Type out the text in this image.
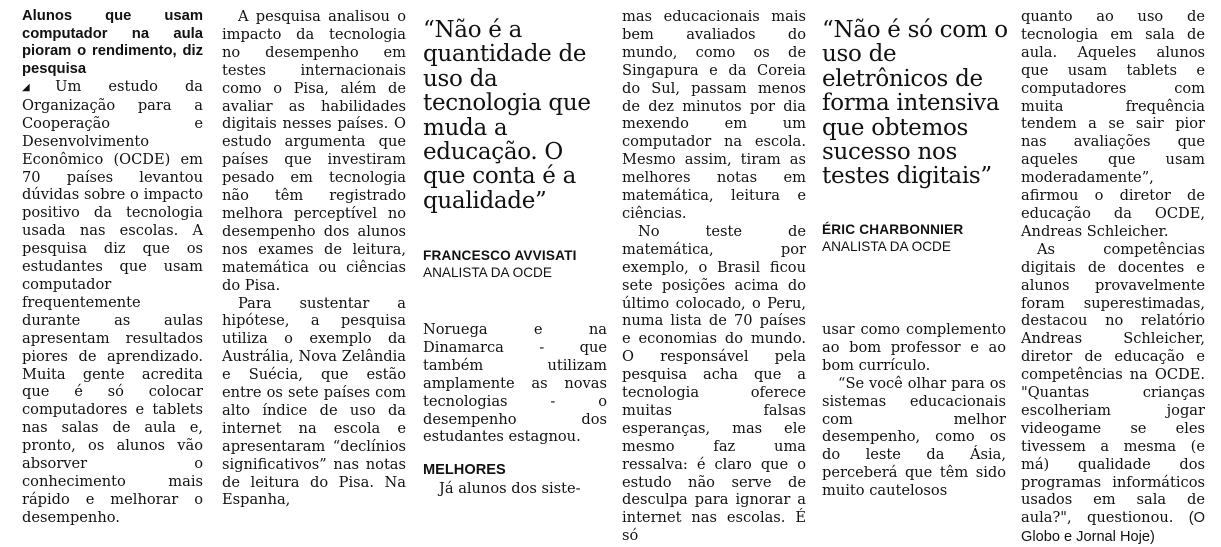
Alunos que usam computador na aula pioram o rendimento, diz pesquisa

◢ Um estudo da Organização para a Cooperação e Desenvolvimento Econômico (OCDE) em 70 países levantou dúvidas sobre o impacto positivo da tecnologia usada nas escolas. A pesquisa diz que os estudantes que usam computador frequentemente durante as aulas apresentam resultados piores de aprendizado. Muita gente acredita que é só colocar computadores e tablets nas salas de aula e, pronto, os alunos vão absorver o conhecimento mais rápido e melhorar o desempenho.

A pesquisa analisou o impacto da tecnologia no desempenho em testes internacionais como o Pisa, além de avaliar as habilidades digitais nesses países. O estudo argumenta que países que investiram pesado em tecnologia não têm registrado melhora perceptível no desempenho dos alunos nos exames de leitura, matemática ou ciências do Pisa.

Para sustentar a hipótese, a pesquisa utiliza o exemplo da Austrália, Nova Zelândia e Suécia, que estão entre os sete países com alto índice de uso da internet na escola e apresentaram “declínios significativos” nas notas de leitura do Pisa. Na Espanha,

“Não é a quantidade de uso da tecnologia que muda a educação. O que conta é a qualidade”

FRANCESCO AVVISATI
ANALISTA DA OCDE

Noruega e na Dinamarca - que também utilizam amplamente as novas tecnologias - o desempenho dos estudantes estagnou.

MELHORES

Já alunos dos siste-

mas educacionais mais bem avaliados do mundo, como os de Singapura e da Coreia do Sul, passam menos de dez minutos por dia mexendo em um computador na escola. Mesmo assim, tiram as melhores notas em matemática, leitura e ciências.

No teste de matemática, por exemplo, o Brasil ficou sete posições acima do último colocado, o Peru, numa lista de 70 países e economias do mundo. O responsável pela pesquisa acha que a tecnologia oferece muitas falsas esperanças, mas ele mesmo faz uma ressalva: é claro que o estudo não serve de desculpa para ignorar a internet nas escolas. É só

“Não é só com o uso de eletrônicos de forma intensiva que obtemos sucesso nos testes digitais”

ÉRIC CHARBONNIER
ANALISTA DA OCDE

usar como complemento ao bom professor e ao bom currículo.

“Se você olhar para os sistemas educacionais com melhor desempenho, como os do leste da Ásia, perceberá que têm sido muito cautelosos

quanto ao uso de tecnologia em sala de aula. Aqueles alunos que usam tablets e computadores com muita frequência tendem a se sair pior nas avaliações que aqueles que usam moderadamente”, afirmou o diretor de educação da OCDE, Andreas Schleicher.

As competências digitais de docentes e alunos provavelmente foram superestimadas, destacou no relatório Andreas Schleicher, diretor de educação e competências na OCDE. "Quantas crianças escolheriam jogar videogame se eles tivessem a mesma (e má) qualidade dos programas informáticos usados em sala de aula?", questionou. (O Globo e Jornal Hoje)
